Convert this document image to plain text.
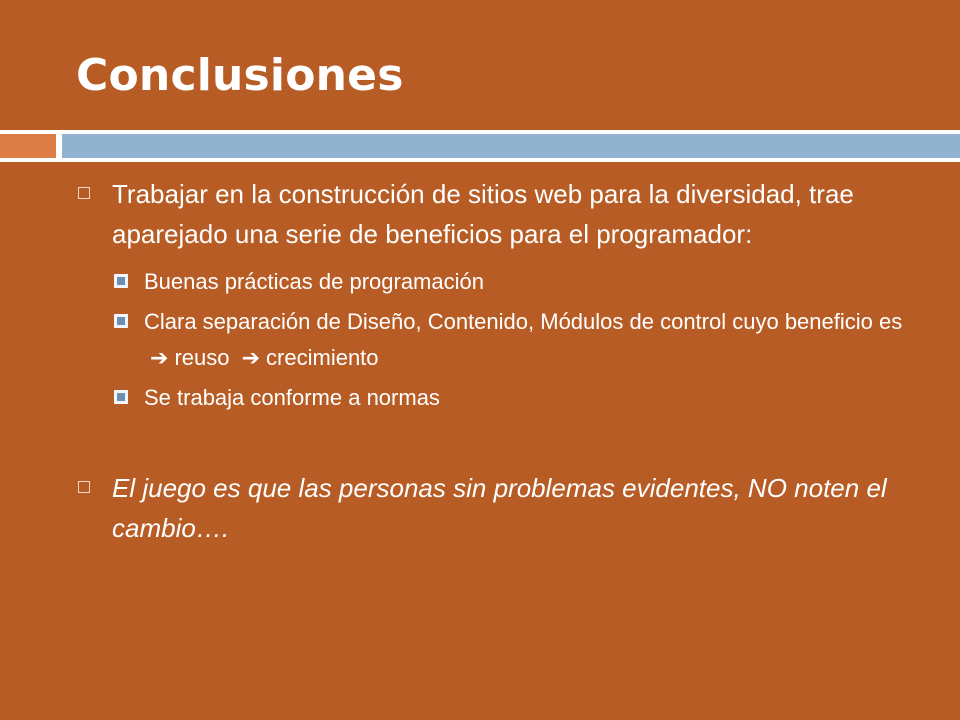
Conclusiones
Trabajar en la construcción de sitios web para la diversidad, trae aparejado una serie de beneficios para el programador:
Buenas prácticas de programación
Clara separación de Diseño, Contenido, Módulos de control cuyo beneficio es ➔ reuso ➔ crecimiento
Se trabaja conforme a normas
El juego es que las personas sin problemas evidentes, NO noten el cambio….
